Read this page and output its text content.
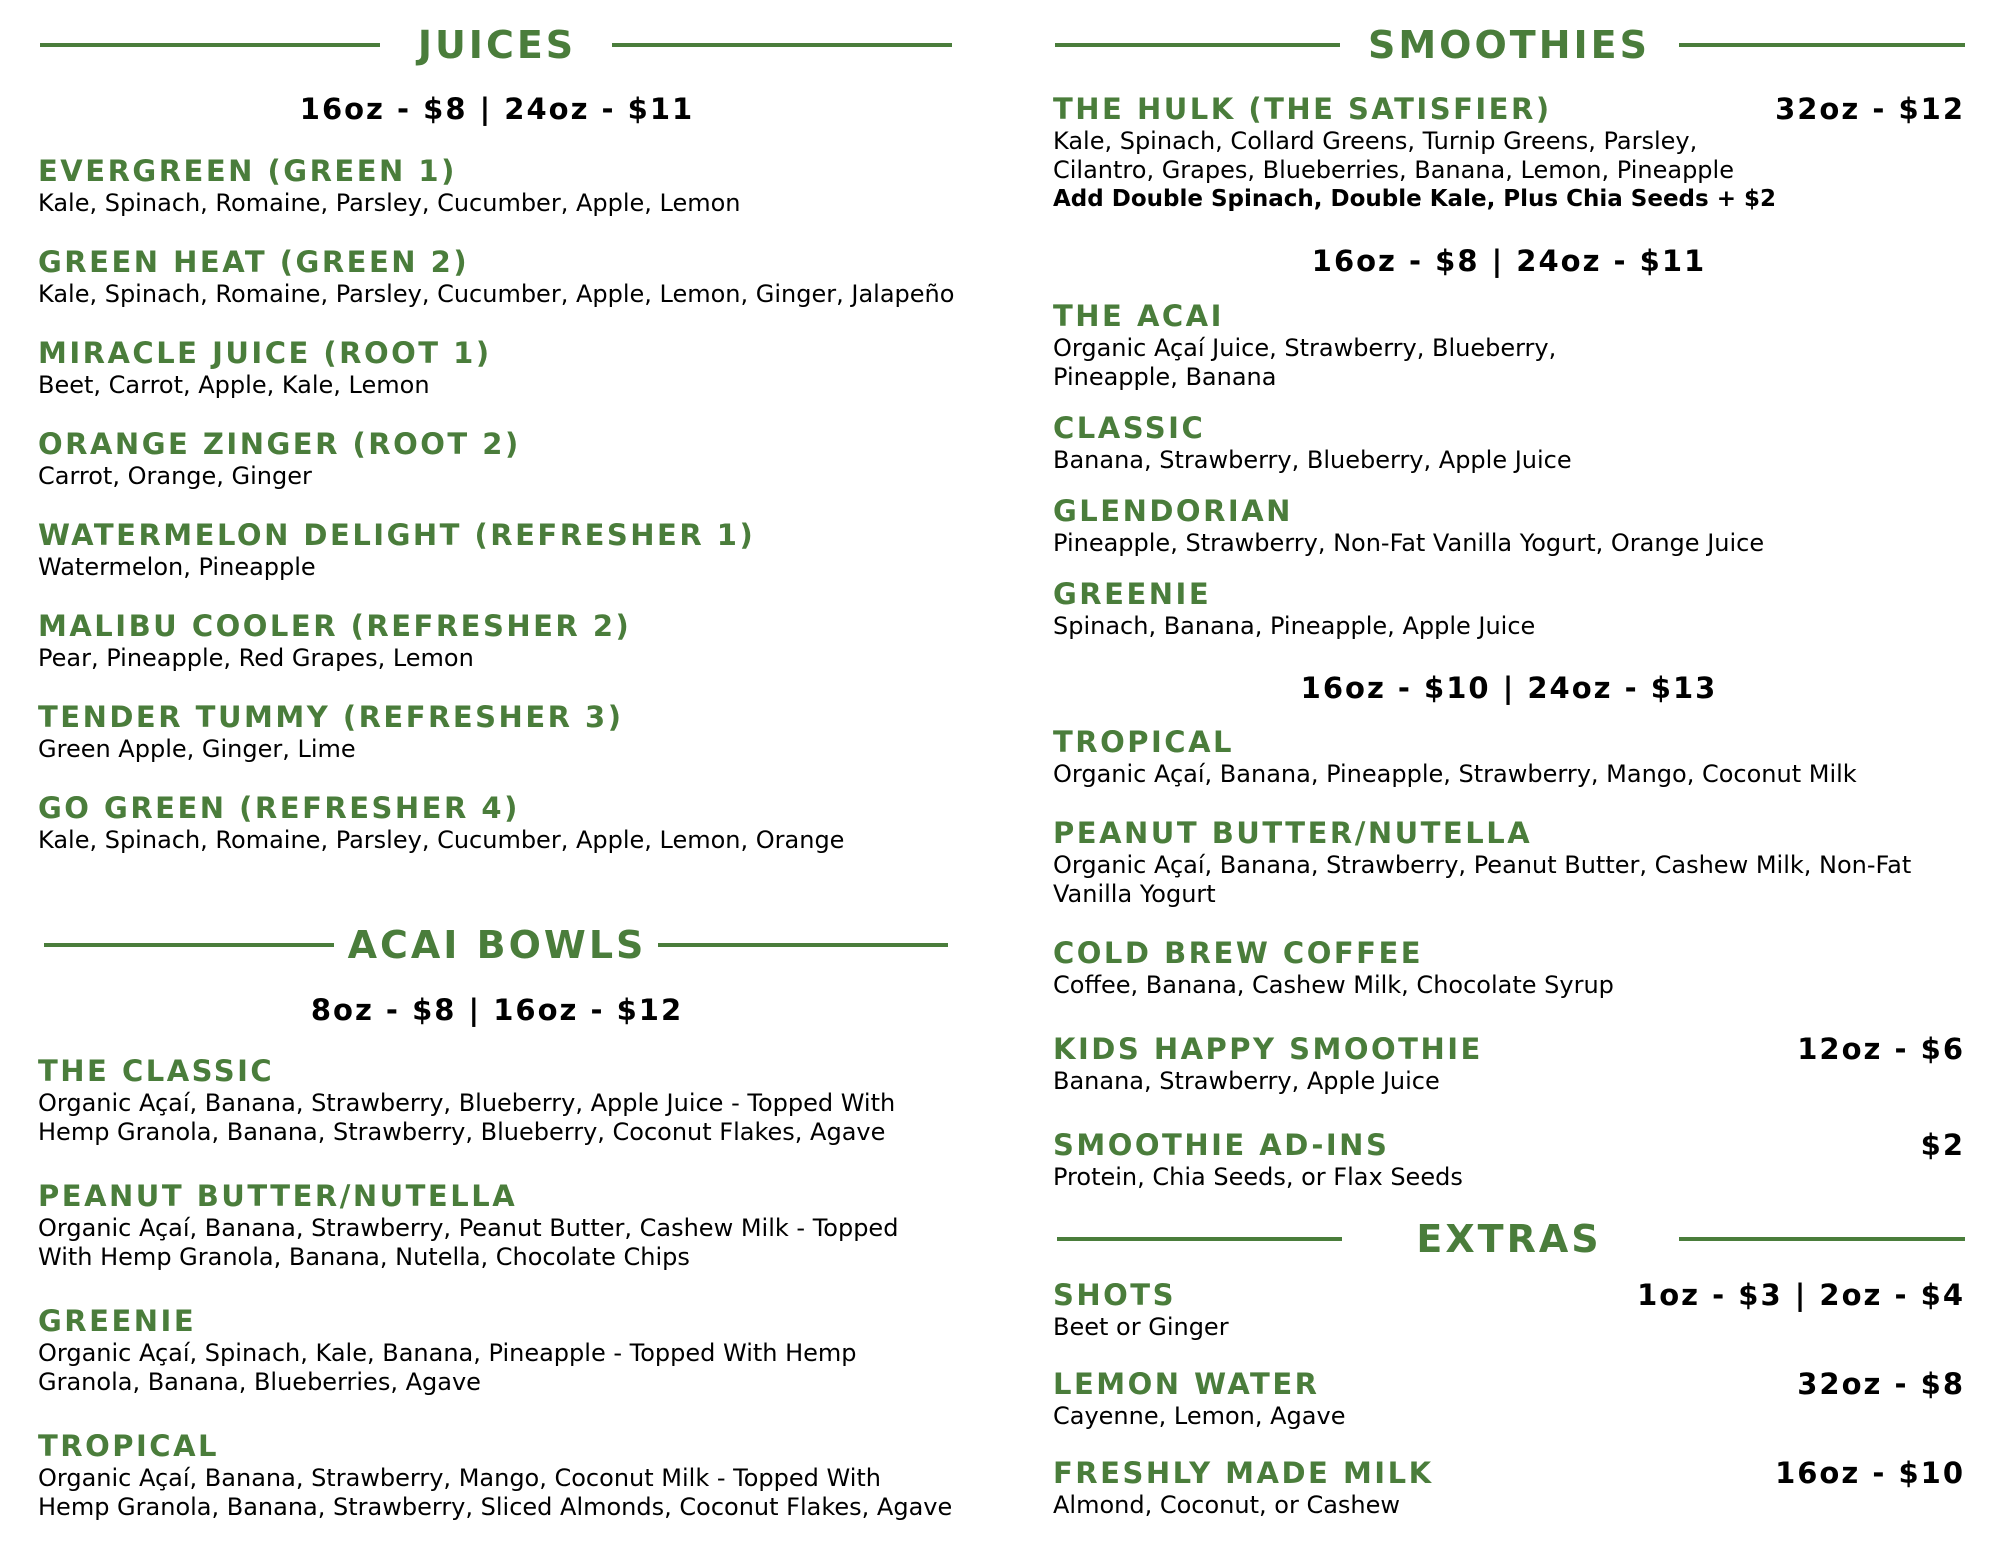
JUICES
16oz - $8 | 24oz - $11
EVERGREEN (GREEN 1)
Kale, Spinach, Romaine, Parsley, Cucumber, Apple, Lemon
GREEN HEAT (GREEN 2)
Kale, Spinach, Romaine, Parsley, Cucumber, Apple, Lemon, Ginger, Jalapeño
MIRACLE JUICE (ROOT 1)
Beet, Carrot, Apple, Kale, Lemon
ORANGE ZINGER (ROOT 2)
Carrot, Orange, Ginger
WATERMELON DELIGHT (REFRESHER 1)
Watermelon, Pineapple
MALIBU COOLER (REFRESHER 2)
Pear, Pineapple, Red Grapes, Lemon
TENDER TUMMY (REFRESHER 3)
Green Apple, Ginger, Lime
GO GREEN (REFRESHER 4)
Kale, Spinach, Romaine, Parsley, Cucumber, Apple, Lemon, Orange
ACAI BOWLS
8oz - $8 | 16oz - $12
THE CLASSIC
Organic Açaí, Banana, Strawberry, Blueberry, Apple Juice - Topped With Hemp Granola, Banana, Strawberry, Blueberry, Coconut Flakes, Agave
PEANUT BUTTER/NUTELLA
Organic Açaí, Banana, Strawberry, Peanut Butter, Cashew Milk - Topped With Hemp Granola, Banana, Nutella, Chocolate Chips
GREENIE
Organic Açaí, Spinach, Kale, Banana, Pineapple - Topped With Hemp Granola, Banana, Blueberries, Agave
TROPICAL
Organic Açaí, Banana, Strawberry, Mango, Coconut Milk - Topped With Hemp Granola, Banana, Strawberry, Sliced Almonds, Coconut Flakes, Agave
SMOOTHIES
THE HULK (THE SATISFIER)	32oz - $12
Kale, Spinach, Collard Greens, Turnip Greens, Parsley, Cilantro, Grapes, Blueberries, Banana, Lemon, Pineapple
Add Double Spinach, Double Kale, Plus Chia Seeds + $2
16oz - $8 | 24oz - $11
THE ACAI
Organic Açaí Juice, Strawberry, Blueberry, Pineapple, Banana
CLASSIC
Banana, Strawberry, Blueberry, Apple Juice
GLENDORIAN
Pineapple, Strawberry, Non-Fat Vanilla Yogurt, Orange Juice
GREENIE
Spinach, Banana, Pineapple, Apple Juice
16oz - $10 | 24oz - $13
TROPICAL
Organic Açaí, Banana, Pineapple, Strawberry, Mango, Coconut Milk
PEANUT BUTTER/NUTELLA
Organic Açaí, Banana, Strawberry, Peanut Butter, Cashew Milk, Non-Fat Vanilla Yogurt
COLD BREW COFFEE
Coffee, Banana, Cashew Milk, Chocolate Syrup
KIDS HAPPY SMOOTHIE	12oz - $6
Banana, Strawberry, Apple Juice
SMOOTHIE AD-INS	$2
Protein, Chia Seeds, or Flax Seeds
EXTRAS
SHOTS	1oz - $3 | 2oz - $4
Beet or Ginger
LEMON WATER	32oz - $8
Cayenne, Lemon, Agave
FRESHLY MADE MILK	16oz - $10
Almond, Coconut, or Cashew
